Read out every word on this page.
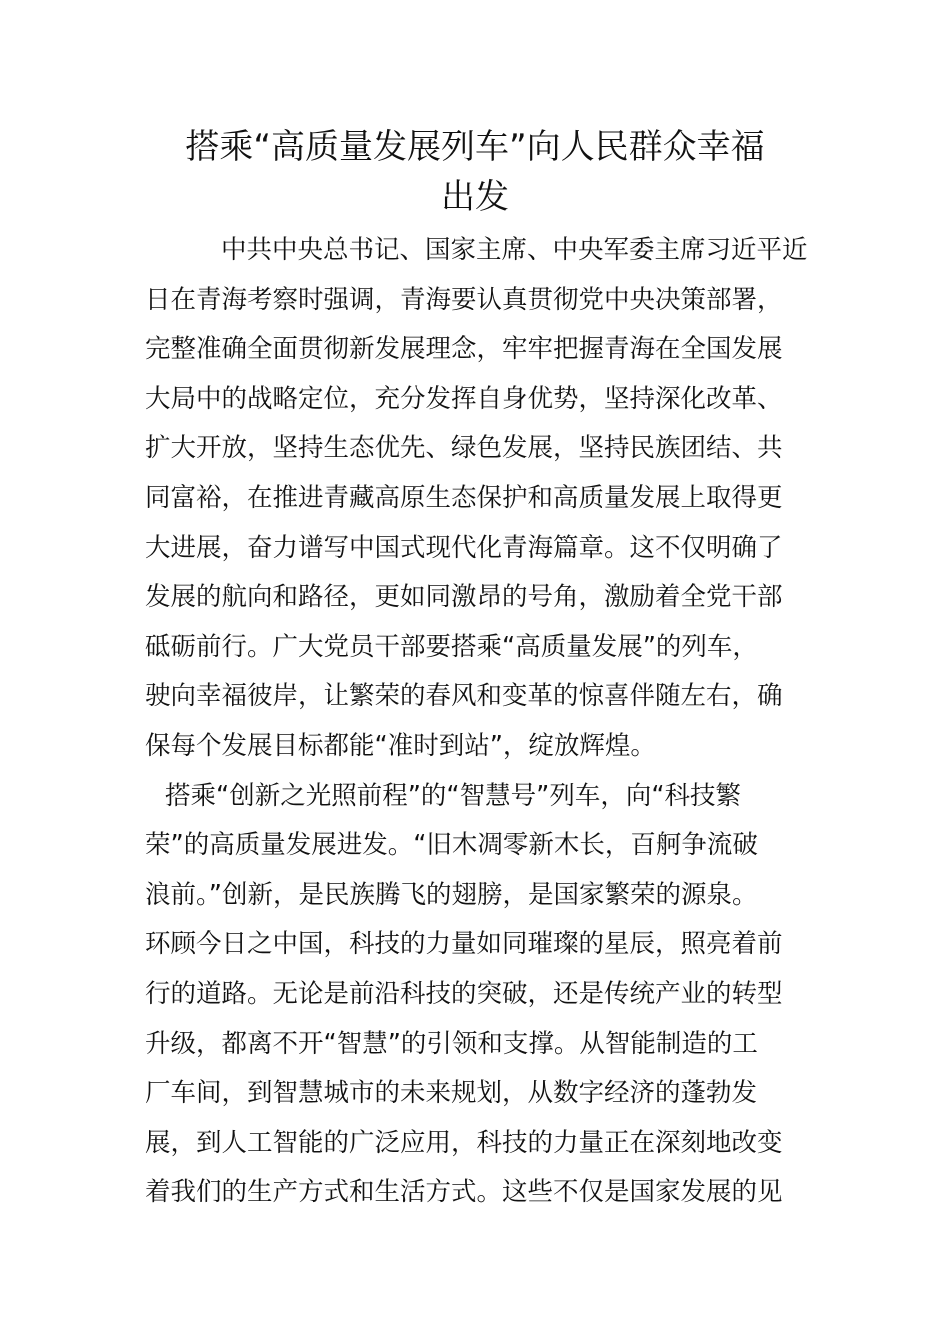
搭乘“高质量发展列车”向人民群众幸福
出发
中共中央总书记、国家主席、中央军委主席习近平近
日在青海考察时强调，青海要认真贯彻党中央决策部署，
完整准确全面贯彻新发展理念，牢牢把握青海在全国发展
大局中的战略定位，充分发挥自身优势，坚持深化改革、
扩大开放，坚持生态优先、绿色发展，坚持民族团结、共
同富裕，在推进青藏高原生态保护和高质量发展上取得更
大进展，奋力谱写中国式现代化青海篇章。这不仅明确了
发展的航向和路径，更如同激昂的号角，激励着全党干部
砥砺前行。广大党员干部要搭乘“高质量发展”的列车，
驶向幸福彼岸，让繁荣的春风和变革的惊喜伴随左右，确
保每个发展目标都能“准时到站”，绽放辉煌。
搭乘“创新之光照前程”的“智慧号”列车，向“科技繁
荣”的高质量发展进发。“旧木凋零新木长，百舸争流破
浪前。”创新，是民族腾飞的翅膀，是国家繁荣的源泉。
环顾今日之中国，科技的力量如同璀璨的星辰，照亮着前
行的道路。无论是前沿科技的突破，还是传统产业的转型
升级，都离不开“智慧”的引领和支撑。从智能制造的工
厂车间，到智慧城市的未来规划，从数字经济的蓬勃发
展，到人工智能的广泛应用，科技的力量正在深刻地改变
着我们的生产方式和生活方式。这些不仅是国家发展的见
